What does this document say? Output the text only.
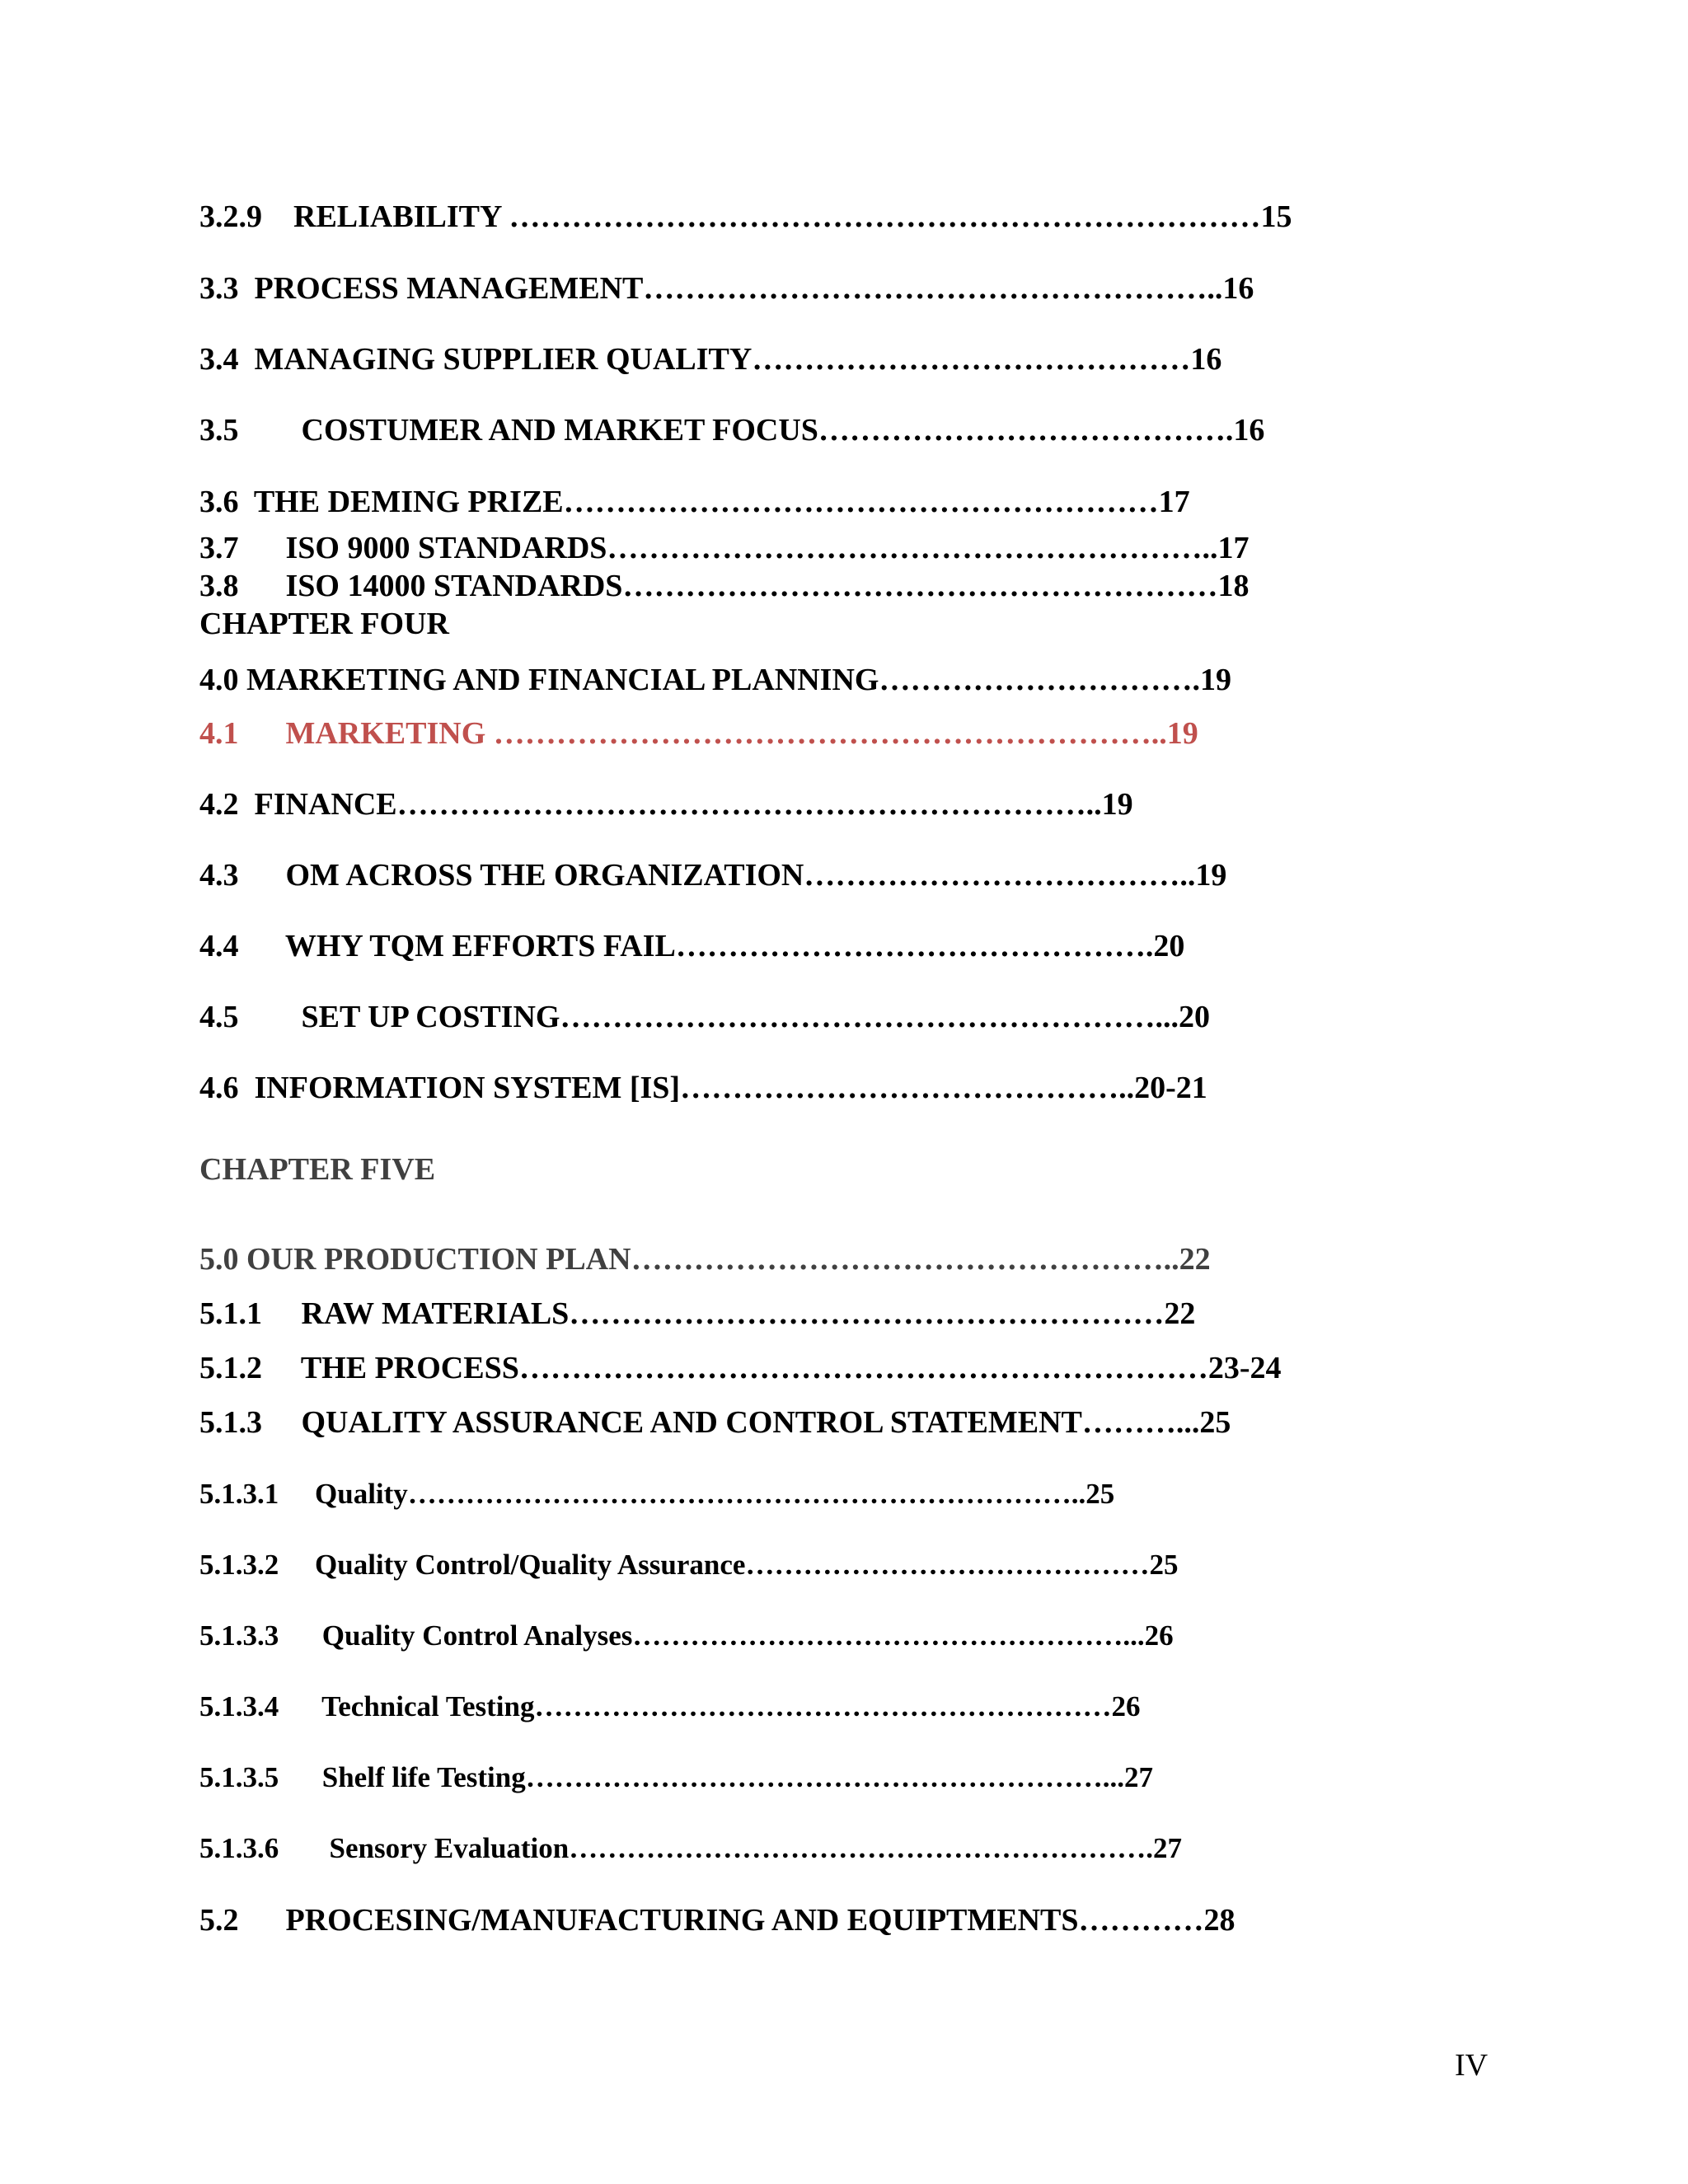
3.2.9 RELIABILITY ………………………………………………………………15
3.3 PROCESS MANAGEMENT………………………………………………..16
3.4 MANAGING SUPPLIER QUALITY……………………………………16
3.5 COSTUMER AND MARKET FOCUS………………………………….16
3.6 THE DEMING PRIZE…………………………………………………17
3.7 ISO 9000 STANDARDS…………………………………………………..17
3.8 ISO 14000 STANDARDS…………………………………………………18
CHAPTER FOUR
4.0 MARKETING AND FINANCIAL PLANNING………………………….19
4.1 MARKETING ………………………………………………………..19
4.2 FINANCE…………………………………………………………..19
4.3 OM ACROSS THE ORGANIZATION………………………………..19
4.4 WHY TQM EFFORTS FAIL……………………………………….20
4.5 SET UP COSTING…………………………………………………...20
4.6 INFORMATION SYSTEM [IS]……………………………………..20-21
CHAPTER FIVE
5.0 OUR PRODUCTION PLAN……………………………………………..22
5.1.1 RAW MATERIALS…………………………………………………22
5.1.2 THE PROCESS…………………………………………………………23-24
5.1.3 QUALITY ASSURANCE AND CONTROL STATEMENT………...25
5.1.3.1 Quality……………………………………………………………..25
5.1.3.2 Quality Control/Quality Assurance……………………………………25
5.1.3.3 Quality Control Analyses……………………………………………...26
5.1.3.4 Technical Testing……………………………………………………26
5.1.3.5 Shelf life Testing……………………………………………………...27
5.1.3.6 Sensory Evaluation…………………………………………………….27
5.2 PROCESING/MANUFACTURING AND EQUIPTMENTS…………28
IV
